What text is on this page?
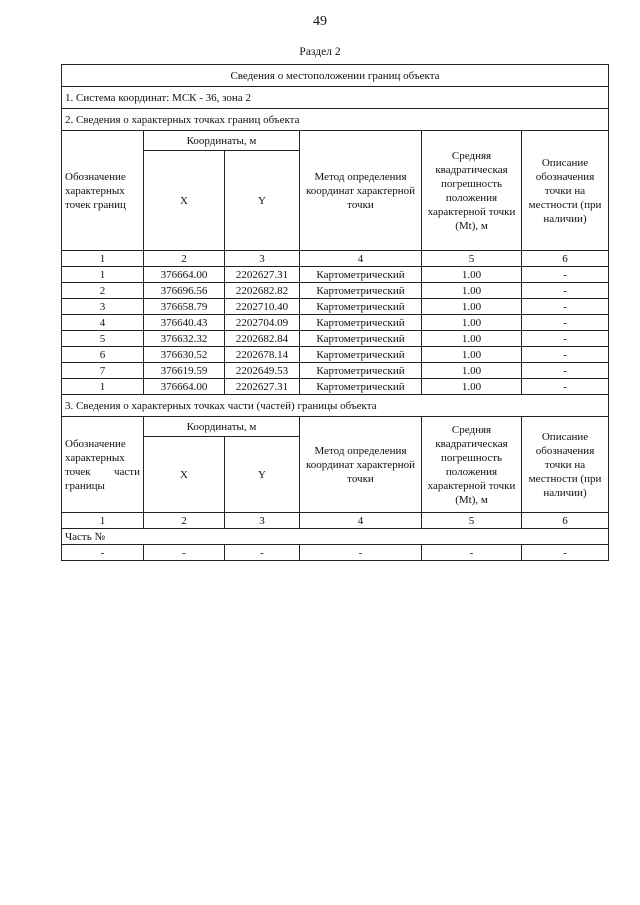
49
Раздел 2
Сведения о местоположении границ объекта					
1. Система координат: МСК - 36, зона 2					
2. Сведения о характерных точках границ объекта					
Обозначение характерных точек границ	Координаты, м		Метод определения координат характерной точки	Средняя квадратическая погрешность положения характерной точки (Mt), м	Описание обозначения точки на местности (при наличии)
	X	Y			
1	2	3	4	5	6
1	376664.00	2202627.31	Картометрический	1.00	-
2	376696.56	2202682.82	Картометрический	1.00	-
3	376658.79	2202710.40	Картометрический	1.00	-
4	376640.43	2202704.09	Картометрический	1.00	-
5	376632.32	2202682.84	Картометрический	1.00	-
6	376630.52	2202678.14	Картометрический	1.00	-
7	376619.59	2202649.53	Картометрический	1.00	-
1	376664.00	2202627.31	Картометрический	1.00	-
3. Сведения о характерных точках части (частей) границы объекта					
Обозначение характерных точек части границы	Координаты, м		Метод определения координат характерной точки	Средняя квадратическая погрешность положения характерной точки (Mt), м	Описание обозначения точки на местности (при наличии)
	X	Y			
1	2	3	4	5	6
Часть №					
-	-	-	-	-	-
